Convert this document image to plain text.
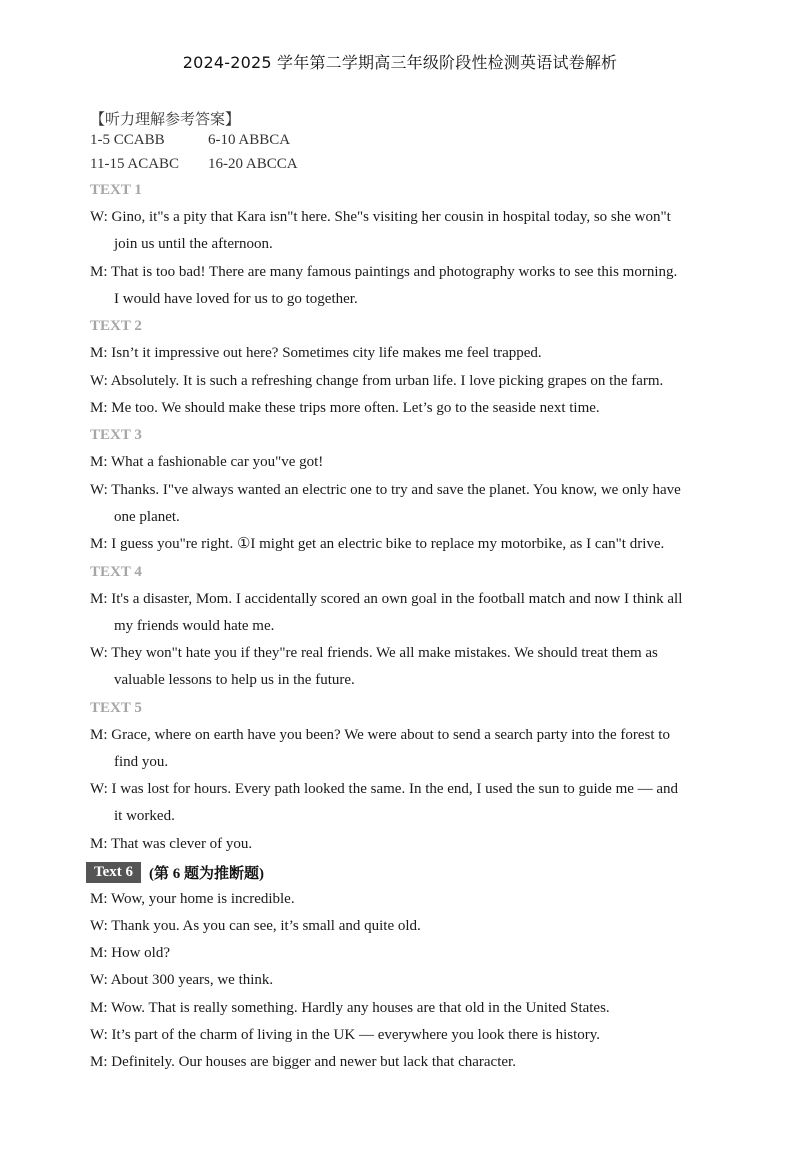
2024-2025 学年第二学期高三年级阶段性检测英语试卷解析
【听力理解参考答案】
1-5 CCABB	6-10 ABBCA
11-15 ACABC 16-20 ABCCA
TEXT 1
W: Gino, it"s a pity that Kara isn"t here. She"s visiting her cousin in hospital today, so she won"t
join us until the afternoon.
M: That is too bad! There are many famous paintings and photography works to see this morning.
I would have loved for us to go together.
TEXT 2
M: Isn’t it impressive out here? Sometimes city life makes me feel trapped.
W: Absolutely. It is such a refreshing change from urban life. I love picking grapes on the farm.
M: Me too. We should make these trips more often. Let’s go to the seaside next time.
TEXT 3
M: What a fashionable car you"ve got!
W: Thanks. I"ve always wanted an electric one to try and save the planet. You know, we only have
one planet.
M: I guess you"re right. ①I might get an electric bike to replace my motorbike, as I can"t drive.
TEXT 4
M: It's a disaster, Mom. I accidentally scored an own goal in the football match and now I think all
my friends would hate me.
W: They won"t hate you if they"re real friends. We all make mistakes. We should treat them as
valuable lessons to help us in the future.
TEXT 5
M: Grace, where on earth have you been? We were about to send a search party into the forest to
find you.
W: I was lost for hours. Every path looked the same. In the end, I used the sun to guide me — and
it worked.
M: That was clever of you.
Text 6	(第 6 题为推断题)
M: Wow, your home is incredible.
W: Thank you. As you can see, it’s small and quite old.
M: How old?
W: About 300 years, we think.
M: Wow. That is really something. Hardly any houses are that old in the United States.
W: It’s part of the charm of living in the UK — everywhere you look there is history.
M: Definitely. Our houses are bigger and newer but lack that character.
